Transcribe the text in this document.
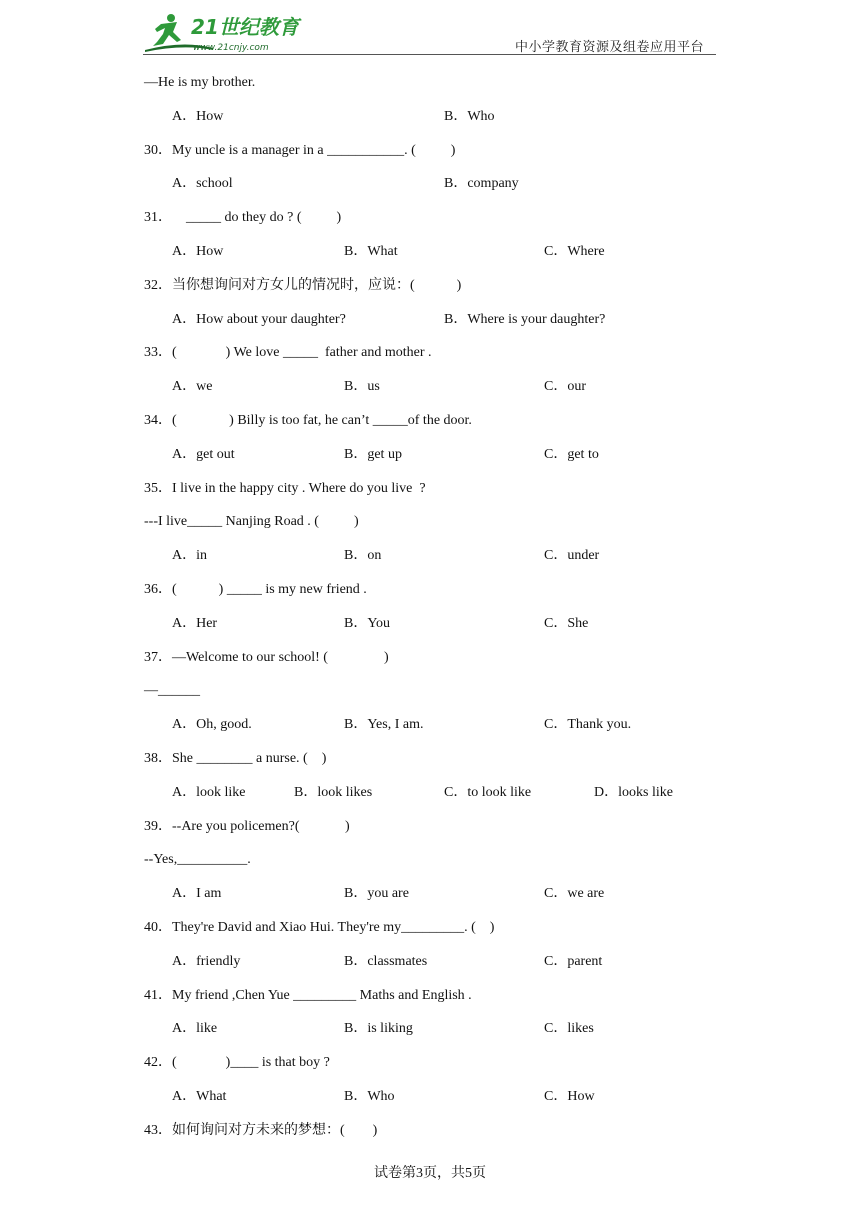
21世纪教育
www.21cnjy.com	中小学教育资源及组卷应用平台
—He is my brother.
A．How	B．Who
30．My uncle is a manager in a ___________. (          )
A．school	B．company
31．    _____ do they do ? (          )
A．How	B．What	C．Where
32．当你想询问对方女儿的情况时，应说：(            )
A．How about your daughter?	B．Where is your daughter?
33．(              ) We love _____  father and mother .
A．we	B．us	C．our
34．(               ) Billy is too fat, he can’t _____of the door.
A．get out	B．get up	C．get to
35．I live in the happy city . Where do you live  ?
---I live_____ Nanjing Road . (          )
A．in	B．on	C．under
36．(            ) _____ is my new friend .
A．Her	B．You	C．She
37．—Welcome to our school! (                )
—______
A．Oh, good.	B．Yes, I am.	C．Thank you.
38．She ________ a nurse. (    )
A．look like	B．look likes	C．to look like	D．looks like
39．--Are you policemen?(             )
--Yes,__________.
A．I am	B．you are	C．we are
40．They're David and Xiao Hui. They're my_________. (    )
A．friendly	B．classmates	C．parent
41．My friend ,Chen Yue _________ Maths and English .
A．like	B．is liking	C．likes
42．(              )____ is that boy ?
A．What	B．Who	C．How
43．如何询问对方未来的梦想：(        )
试卷第3页，共5页
